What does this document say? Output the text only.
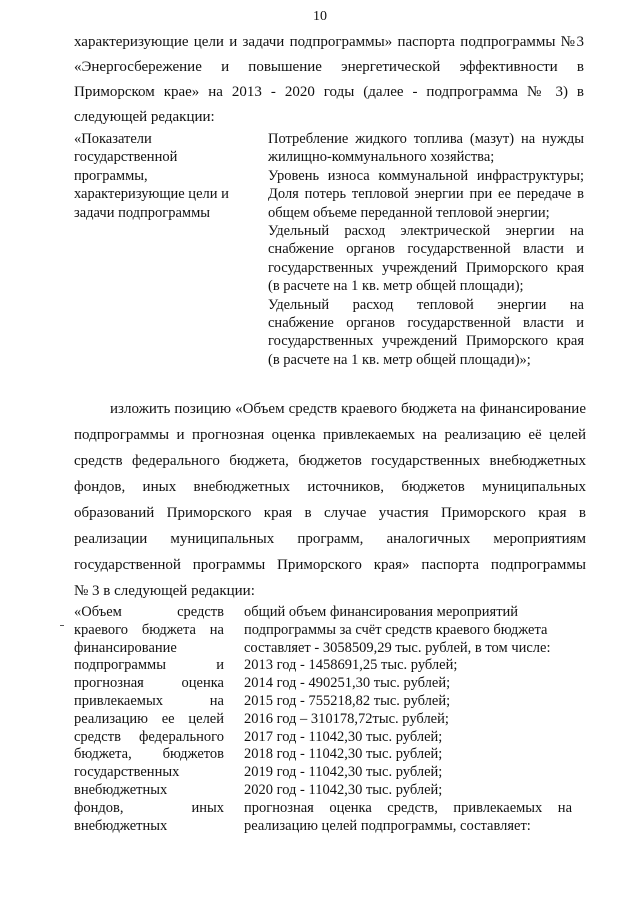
10
характеризующие цели и задачи подпрограммы» паспорта подпрограммы №3
«Энергосбережение и повышение энергетической эффективности в
Приморском крае» на 2013 - 2020 годы (далее - подпрограмма № 3) в
следующей редакции:
«Показатели
государственной
программы,
характеризующие цели и
задачи подпрограммы
Потребление жидкого топлива (мазут) на нужды
жилищно-коммунального хозяйства;
Уровень износа коммунальной инфраструктуры;
Доля потерь тепловой энергии при ее передаче в
общем объеме переданной тепловой энергии;
Удельный расход электрической энергии на
снабжение органов государственной власти и
государственных учреждений Приморского края
(в расчете на 1 кв. метр общей площади);
Удельный расход тепловой энергии на
снабжение органов государственной власти и
государственных учреждений Приморского края
(в расчете на 1 кв. метр общей площади)»;
изложить позицию «Объем средств краевого бюджета на финансирование
подпрограммы и прогнозная оценка привлекаемых на реализацию её целей
средств федерального бюджета, бюджетов государственных внебюджетных
фондов, иных внебюджетных источников, бюджетов муниципальных
образований Приморского края в случае участия Приморского края в
реализации муниципальных программ, аналогичных мероприятиям
государственной программы Приморского края» паспорта подпрограммы
№ 3 в следующей редакции:
«Объем средств
краевого бюджета на
финансирование
подпрограммы и
прогнозная оценка
привлекаемых на
реализацию ее целей
средств федерального
бюджета, бюджетов
государственных
внебюджетных
фондов, иных
внебюджетных
общий объем финансирования мероприятий
подпрограммы за счёт средств краевого бюджета
составляет - 3058509,29 тыс. рублей, в том числе:
2013 год - 1458691,25 тыс. рублей;
2014 год - 490251,30 тыс. рублей;
2015 год - 755218,82 тыс. рублей;
2016 год – 310178,72тыс. рублей;
2017 год - 11042,30 тыс. рублей;
2018 год - 11042,30 тыс. рублей;
2019 год - 11042,30 тыс. рублей;
2020 год - 11042,30 тыс. рублей;
прогнозная оценка средств, привлекаемых на
реализацию целей подпрограммы, составляет:
